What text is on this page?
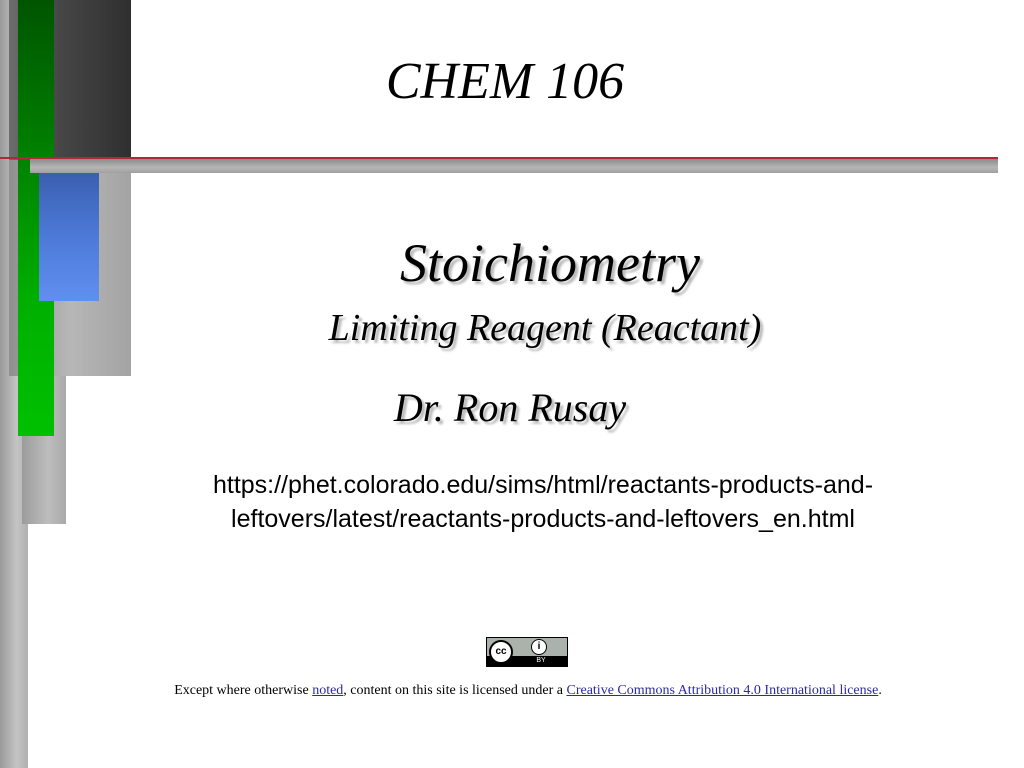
CHEM 106
Stoichiometry
Limiting Reagent (Reactant)
Dr. Ron Rusay
https://phet.colorado.edu/sims/html/reactants-products-and-
leftovers/latest/reactants-products-and-leftovers_en.html
cc	i
BY
Except where otherwise noted, content on this site is licensed under a Creative Commons Attribution 4.0 International license.
